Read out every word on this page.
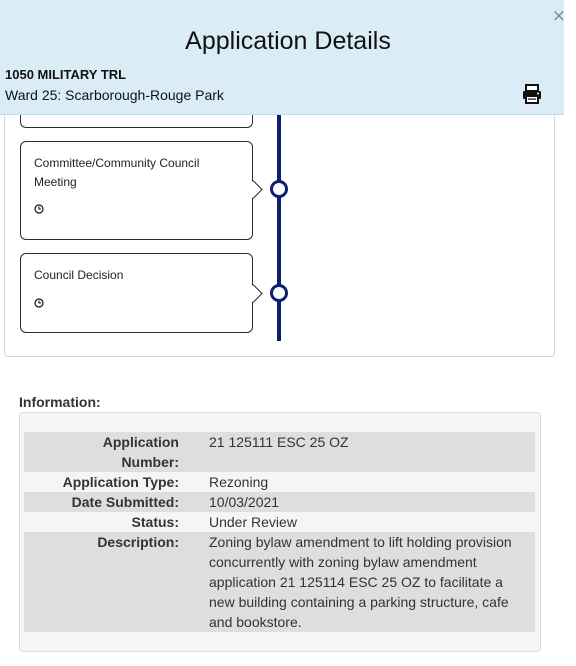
Application Details
×
1050 MILITARY TRL
Ward 25: Scarborough-Rouge Park
Committee/Community Council Meeting
Council Decision
Information:
Application Number:
21 125111 ESC 25 OZ
Application Type: Rezoning
Date Submitted: 10/03/2021
Status: Under Review
Description: Zoning bylaw amendment to lift holding provision concurrently with zoning bylaw amendment application 21 125114 ESC 25 OZ to facilitate a new building containing a parking structure, cafe and bookstore.
